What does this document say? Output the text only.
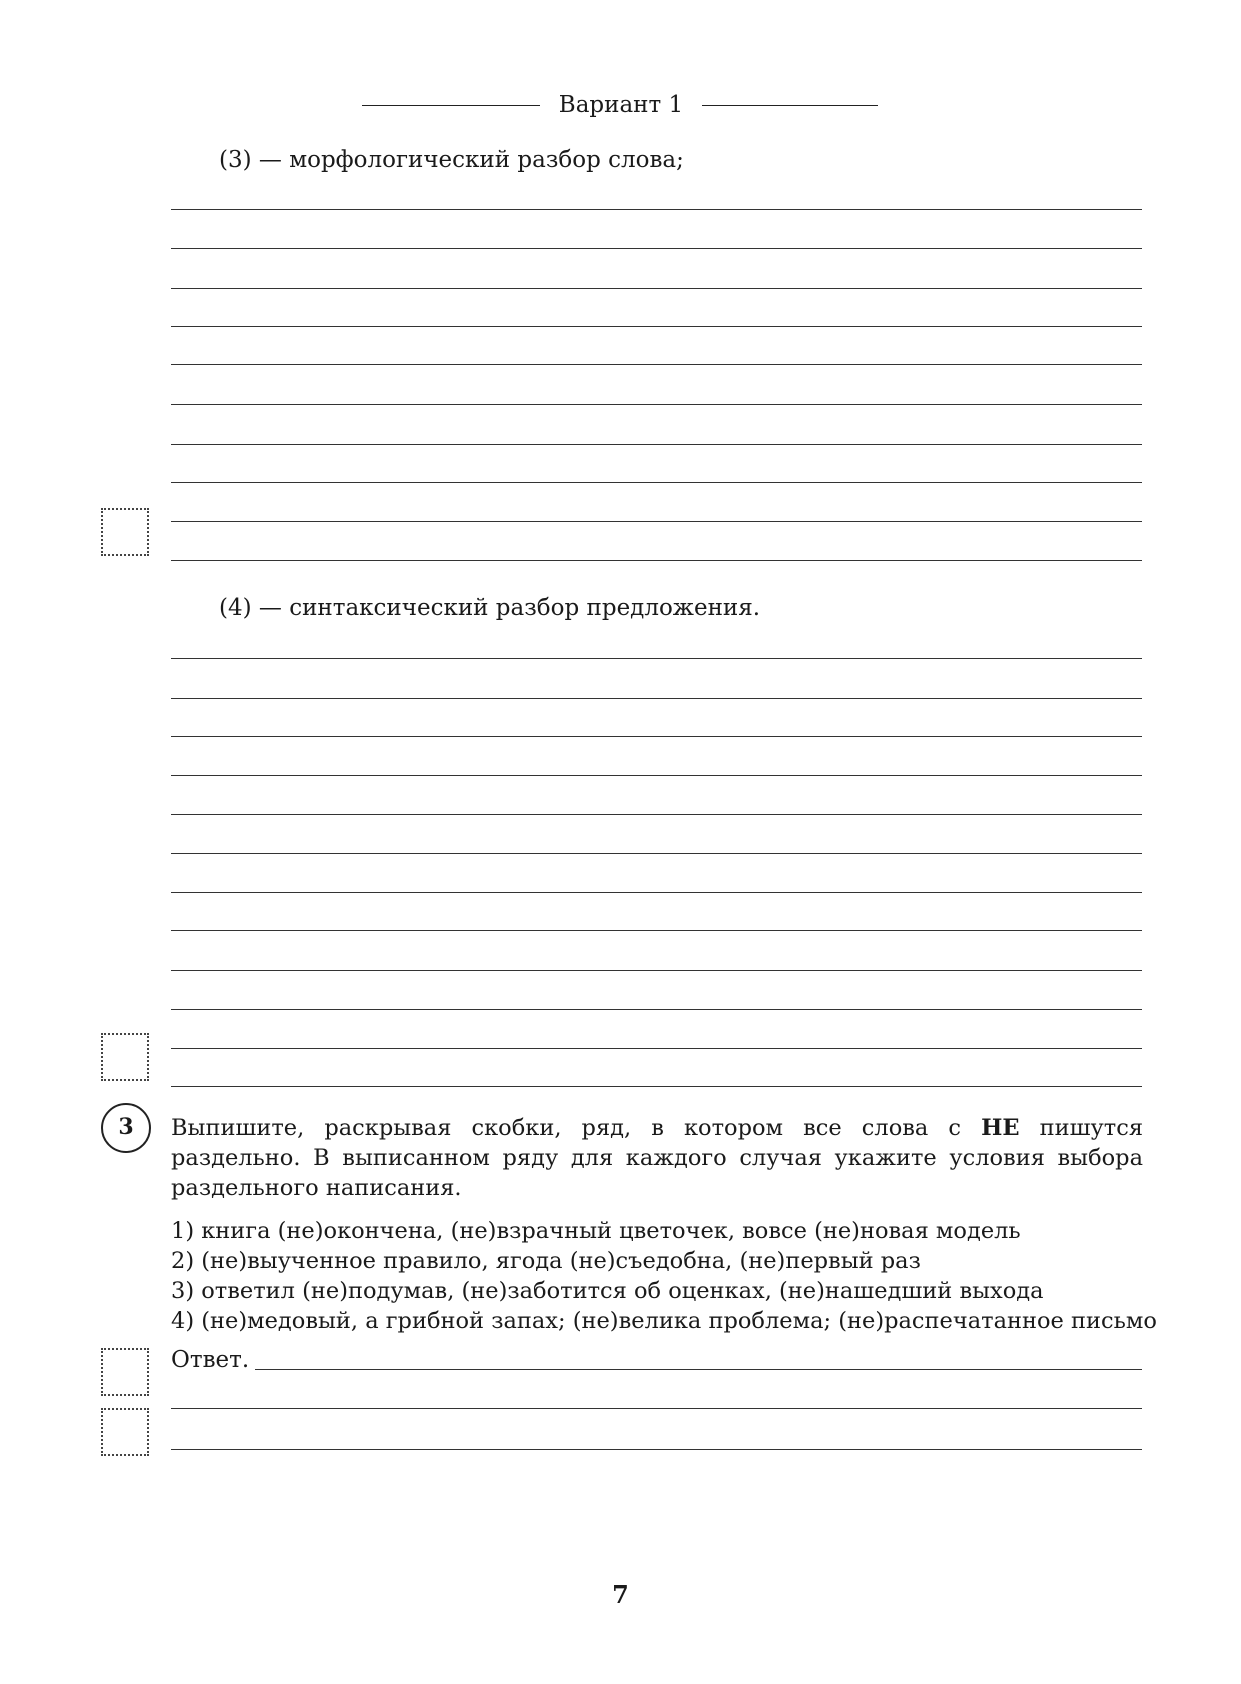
Вариант 1
(3) — морфологический разбор слова;
(4) — синтаксический разбор предложения.
3	Выпишите, раскрывая скобки, ряд, в котором все слова с НЕ пишутся раздельно. В выписанном ряду для каждого случая укажите условия выбора раздельного написания.
1) книга (не)окончена, (не)взрачный цветочек, вовсе (не)новая модель
2) (не)выученное правило, ягода (не)съедобна, (не)первый раз
3) ответил (не)подумав, (не)заботится об оценках, (не)нашедший выхода
4) (не)медовый, а грибной запах; (не)велика проблема; (не)распечатанное письмо
Ответ.
7
